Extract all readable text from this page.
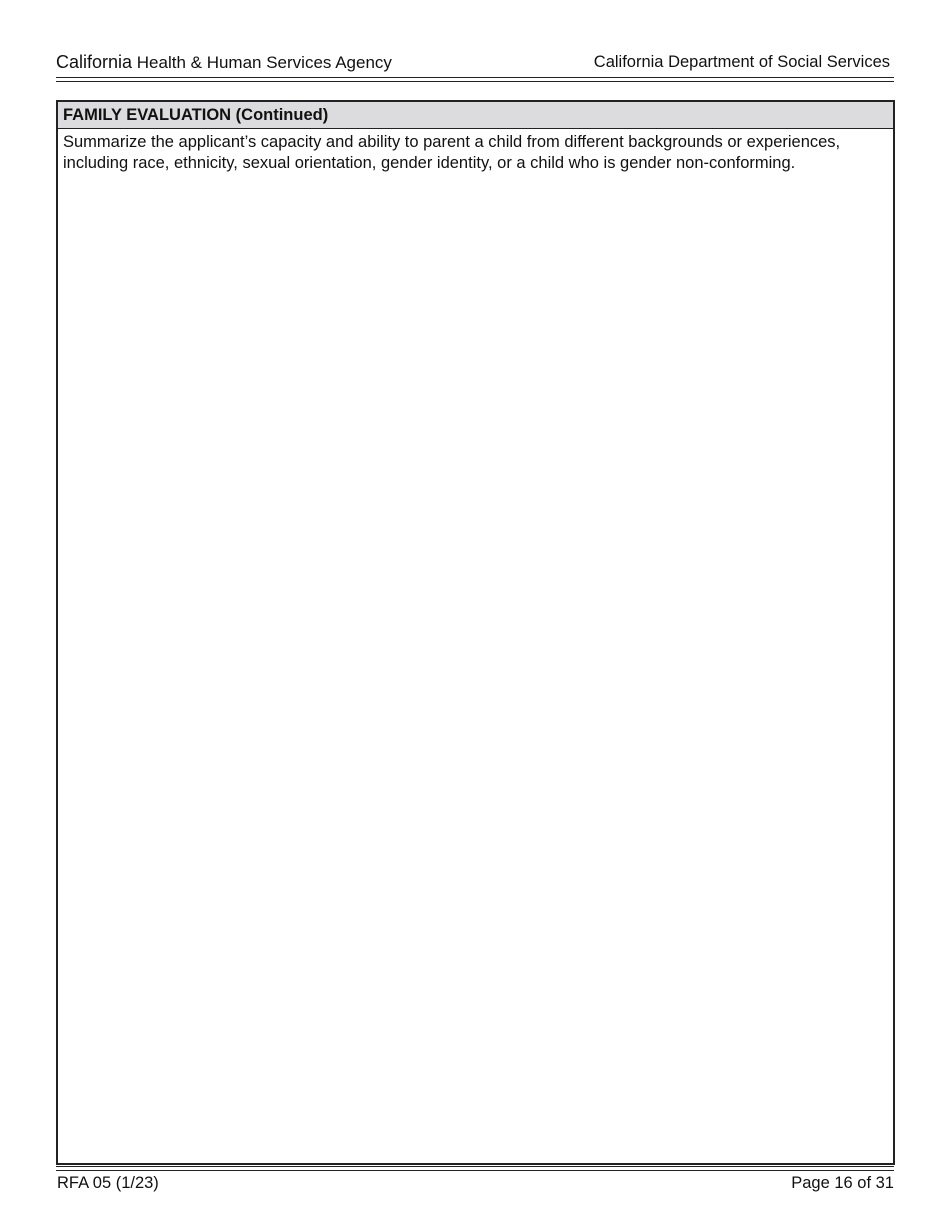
California Health & Human Services Agency	California Department of Social Services
FAMILY EVALUATION (Continued)
Summarize the applicant’s capacity and ability to parent a child from different backgrounds or experiences,
including race, ethnicity, sexual orientation, gender identity, or a child who is gender non-conforming.
RFA 05 (1/23)	Page 16 of 31
